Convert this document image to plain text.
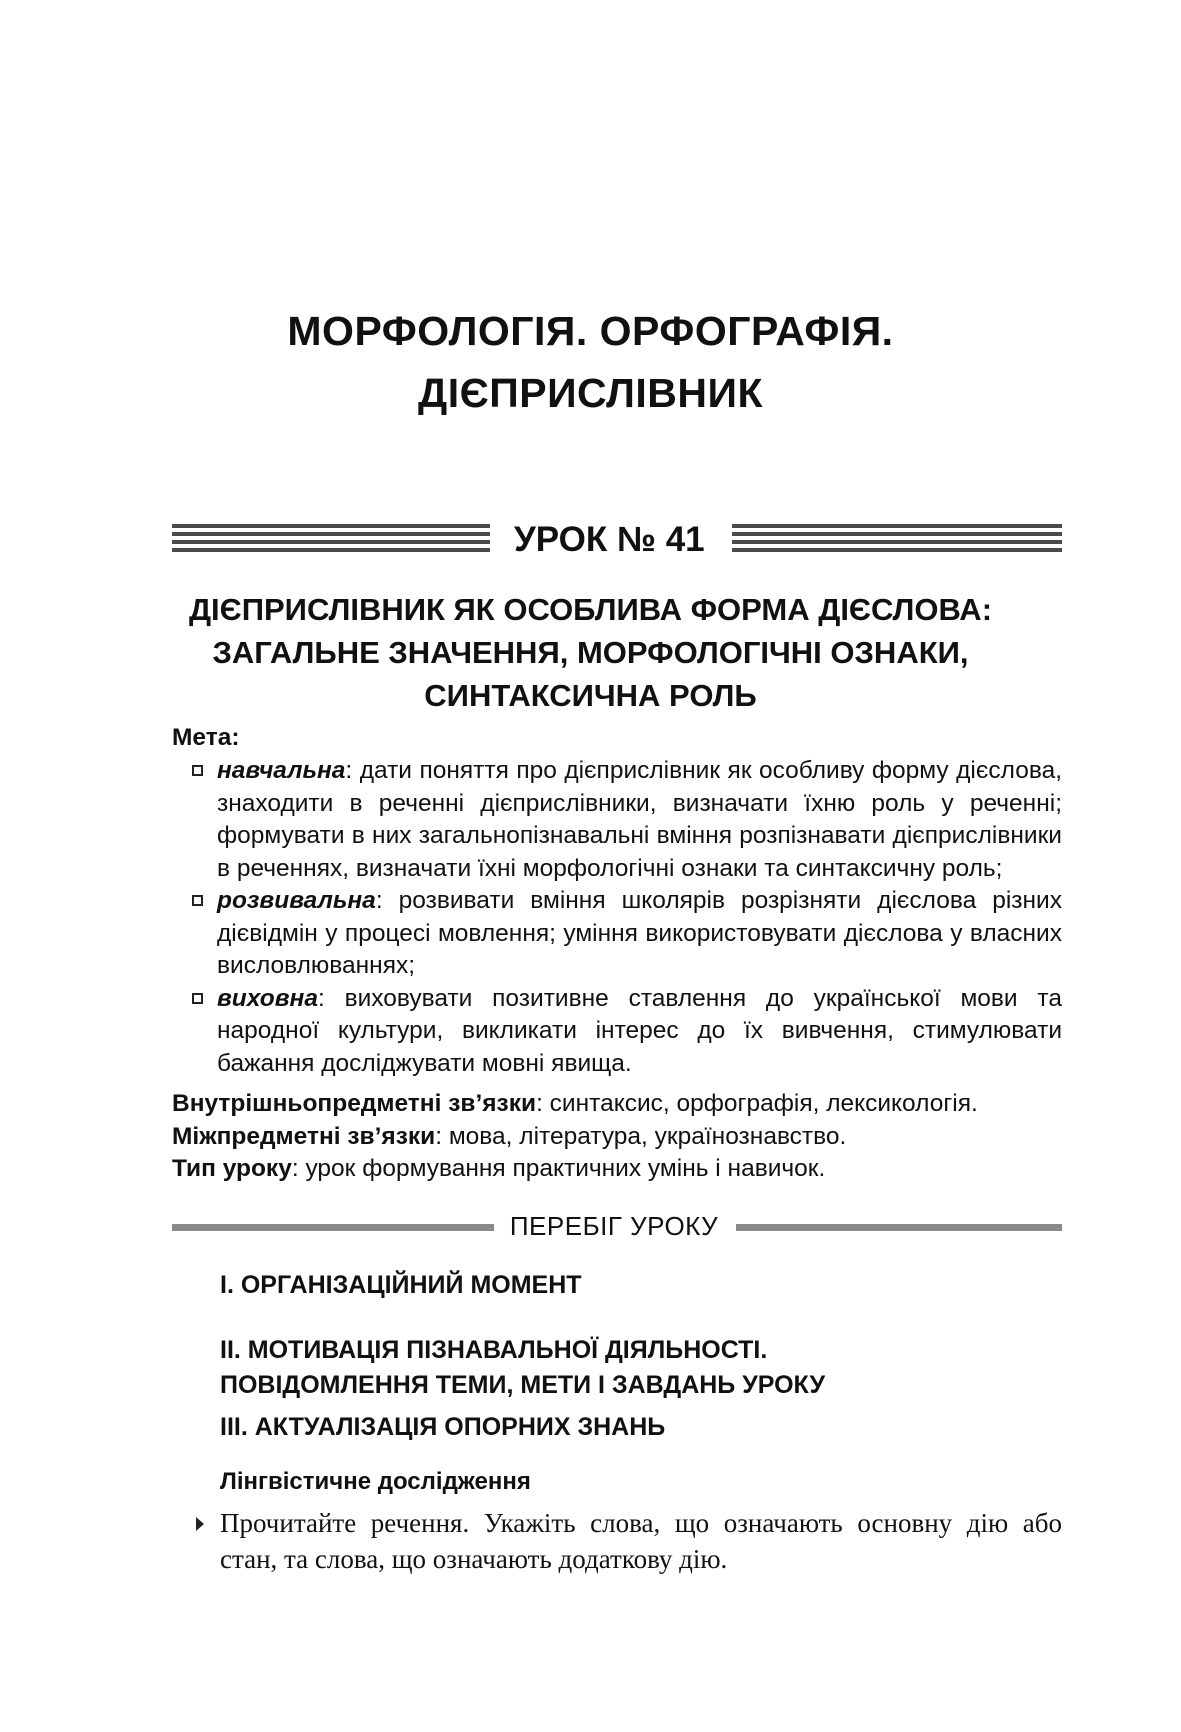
МОРФОЛОГІЯ. ОРФОГРАФІЯ.
ДІЄПРИСЛІВНИК
УРОК № 41
ДІЄПРИСЛІВНИК ЯК ОСОБЛИВА ФОРМА ДІЄСЛОВА:
ЗАГАЛЬНЕ ЗНАЧЕННЯ, МОРФОЛОГІЧНІ ОЗНАКИ,
СИНТАКСИЧНА РОЛЬ
Мета:
навчальна: дати поняття про дієприслівник як особливу форму дієслова, знаходити в реченні дієприслівники, визначати їхню роль у реченні; формувати в них загальнопізнавальні вміння розпізнавати дієприслівники в реченнях, визначати їхні морфологічні ознаки та синтаксичну роль;
розвивальна: розвивати вміння школярів розрізняти дієслова різних дієвідмін у процесі мовлення; уміння використовувати дієслова у власних висловлюваннях;
виховна: виховувати позитивне ставлення до української мови та народної культури, викликати інтерес до їх вивчення, стимулювати бажання досліджувати мовні явища.
Внутрішньопредметні зв’язки: синтаксис, орфографія, лексикологія.
Міжпредметні зв’язки: мова, література, українознавство.
Тип уроку: урок формування практичних умінь і навичок.
ПЕРЕБІГ УРОКУ
І. ОРГАНІЗАЦІЙНИЙ МОМЕНТ
ІІ. МОТИВАЦІЯ ПІЗНАВАЛЬНОЇ ДІЯЛЬНОСТІ.
ПОВІДОМЛЕННЯ ТЕМИ, МЕТИ І ЗАВДАНЬ УРОКУ
ІІІ. АКТУАЛІЗАЦІЯ ОПОРНИХ ЗНАНЬ
Лінгвістичне дослідження
Прочитайте речення. Укажіть слова, що означають основну дію або стан, та слова, що означають додаткову дію.
